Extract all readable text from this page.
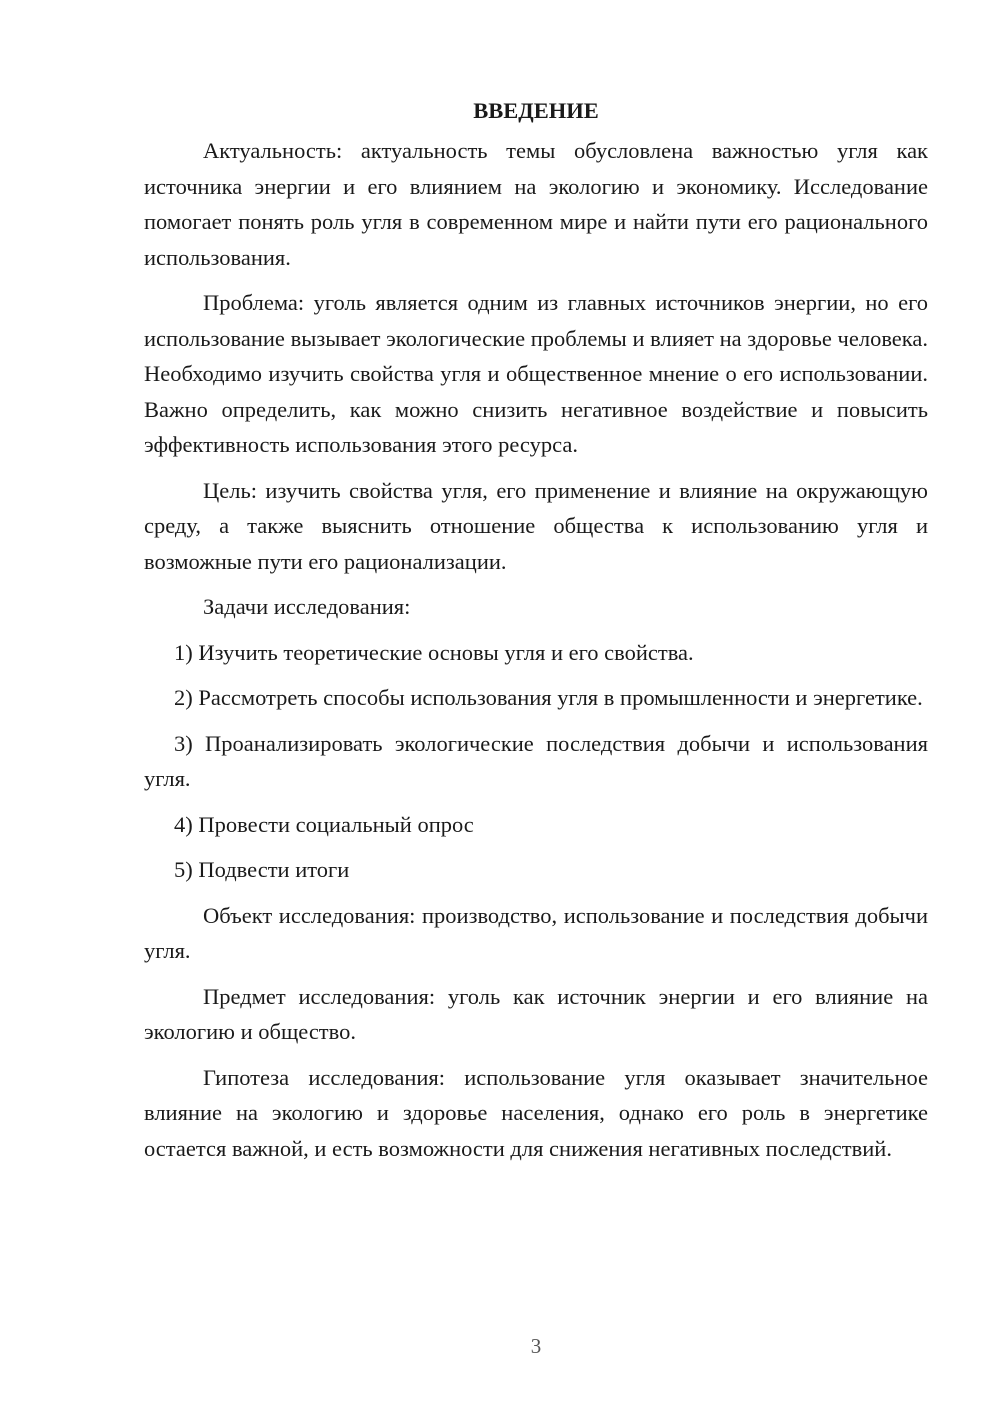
ВВЕДЕНИЕ

Актуальность: актуальность темы обусловлена важностью угля как источника энергии и его влиянием на экологию и экономику. Исследование помогает понять роль угля в современном мире и найти пути его рационального использования.

Проблема: уголь является одним из главных источников энергии, но его использование вызывает экологические проблемы и влияет на здоровье человека. Необходимо изучить свойства угля и общественное мнение о его использовании. Важно определить, как можно снизить негативное воздействие и повысить эффективность использования этого ресурса.

Цель: изучить свойства угля, его применение и влияние на окружающую среду, а также выяснить отношение общества к использованию угля и возможные пути его рационализации.

Задачи исследования:

1) Изучить теоретические основы угля и его свойства.

2) Рассмотреть способы использования угля в промышленности и энергетике.

3) Проанализировать экологические последствия добычи и использования угля.

4) Провести социальный опрос

5) Подвести итоги

Объект исследования: производство, использование и последствия добычи угля.

Предмет исследования: уголь как источник энергии и его влияние на экологию и общество.

Гипотеза исследования: использование угля оказывает значительное влияние на экологию и здоровье населения, однако его роль в энергетике остается важной, и есть возможности для снижения негативных последствий.

3
